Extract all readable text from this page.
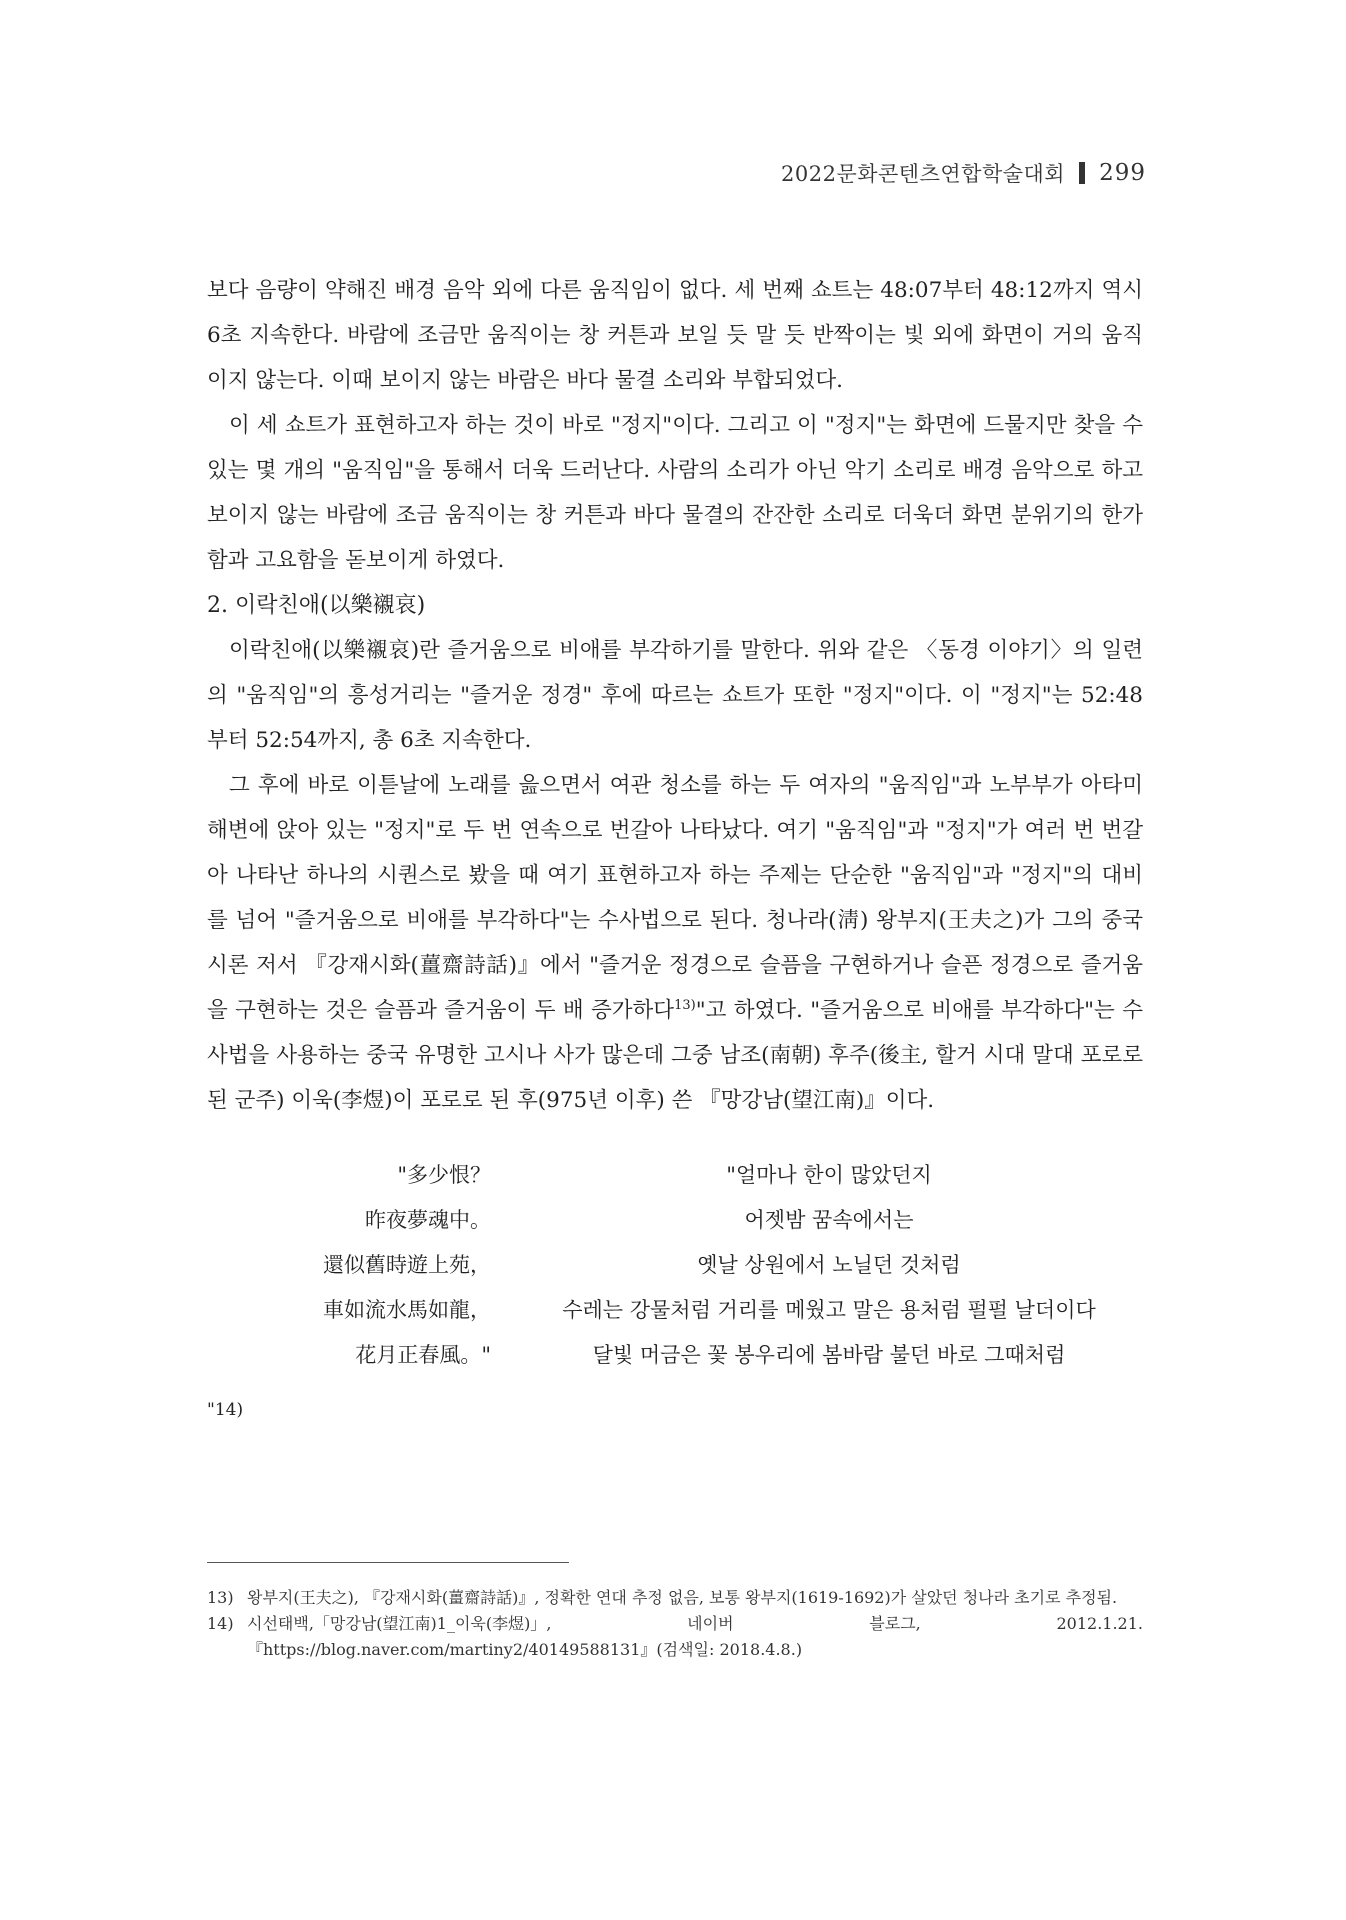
2022문화콘텐츠연합학술대회 299

보다 음량이 약해진 배경 음악 외에 다른 움직임이 없다. 세 번째 쇼트는 48:07부터 48:12까지 역시 6초 지속한다. 바람에 조금만 움직이는 창 커튼과 보일 듯 말 듯 반짝이는 빛 외에 화면이 거의 움직이지 않는다. 이때 보이지 않는 바람은 바다 물결 소리와 부합되었다.

이 세 쇼트가 표현하고자 하는 것이 바로 "정지"이다. 그리고 이 "정지"는 화면에 드물지만 찾을 수 있는 몇 개의 "움직임"을 통해서 더욱 드러난다. 사람의 소리가 아닌 악기 소리로 배경 음악으로 하고 보이지 않는 바람에 조금 움직이는 창 커튼과 바다 물결의 잔잔한 소리로 더욱더 화면 분위기의 한가함과 고요함을 돋보이게 하였다.

2. 이락친애(以樂襯哀)

이락친애(以樂襯哀)란 즐거움으로 비애를 부각하기를 말한다. 위와 같은 〈동경 이야기〉의 일련의 "움직임"의 흥성거리는 "즐거운 정경" 후에 따르는 쇼트가 또한 "정지"이다. 이 "정지"는 52:48부터 52:54까지, 총 6초 지속한다.

그 후에 바로 이튿날에 노래를 읊으면서 여관 청소를 하는 두 여자의 "움직임"과 노부부가 아타미 해변에 앉아 있는 "정지"로 두 번 연속으로 번갈아 나타났다. 여기 "움직임"과 "정지"가 여러 번 번갈아 나타난 하나의 시퀀스로 봤을 때 여기 표현하고자 하는 주제는 단순한 "움직임"과 "정지"의 대비를 넘어 "즐거움으로 비애를 부각하다"는 수사법으로 된다. 청나라(淸) 왕부지(王夫之)가 그의 중국 시론 저서 『강재시화(薑齋詩話)』에서 "즐거운 정경으로 슬픔을 구현하거나 슬픈 정경으로 즐거움을 구현하는 것은 슬픔과 즐거움이 두 배 증가하다$^{13)}$"고 하였다. "즐거움으로 비애를 부각하다"는 수사법을 사용하는 중국 유명한 고시나 사가 많은데 그중 남조(南朝) 후주(後主, 할거 시대 말대 포로로 된 군주) 이욱(李煜)이 포로로 된 후(975년 이후) 쓴 『망강남(望江南)』이다.

"多少恨？	"얼마나 한이 많았던지
昨夜夢魂中。	어젯밤 꿈속에서는
還似舊時遊上苑，	옛날 상원에서 노닐던 것처럼
車如流水馬如龍，	수레는 강물처럼 거리를 메웠고 말은 용처럼 펄펄 날더이다
花月正春風。"	달빛 머금은 꽃 봉우리에 봄바람 불던 바로 그때처럼
"14)
13) 왕부지(王夫之), 『강재시화(薑齋詩話)』, 정확한 연대 추정 없음, 보통 왕부지(1619-1692)가 살았던 청나라 초기로 추정됨.
14) 시선태백,「망강남(望江南)1_이욱(李煜)」,	네이버	블로그,	2012.1.21.
『https://blog.naver.com/martiny2/40149588131』(검색일: 2018.4.8.)
